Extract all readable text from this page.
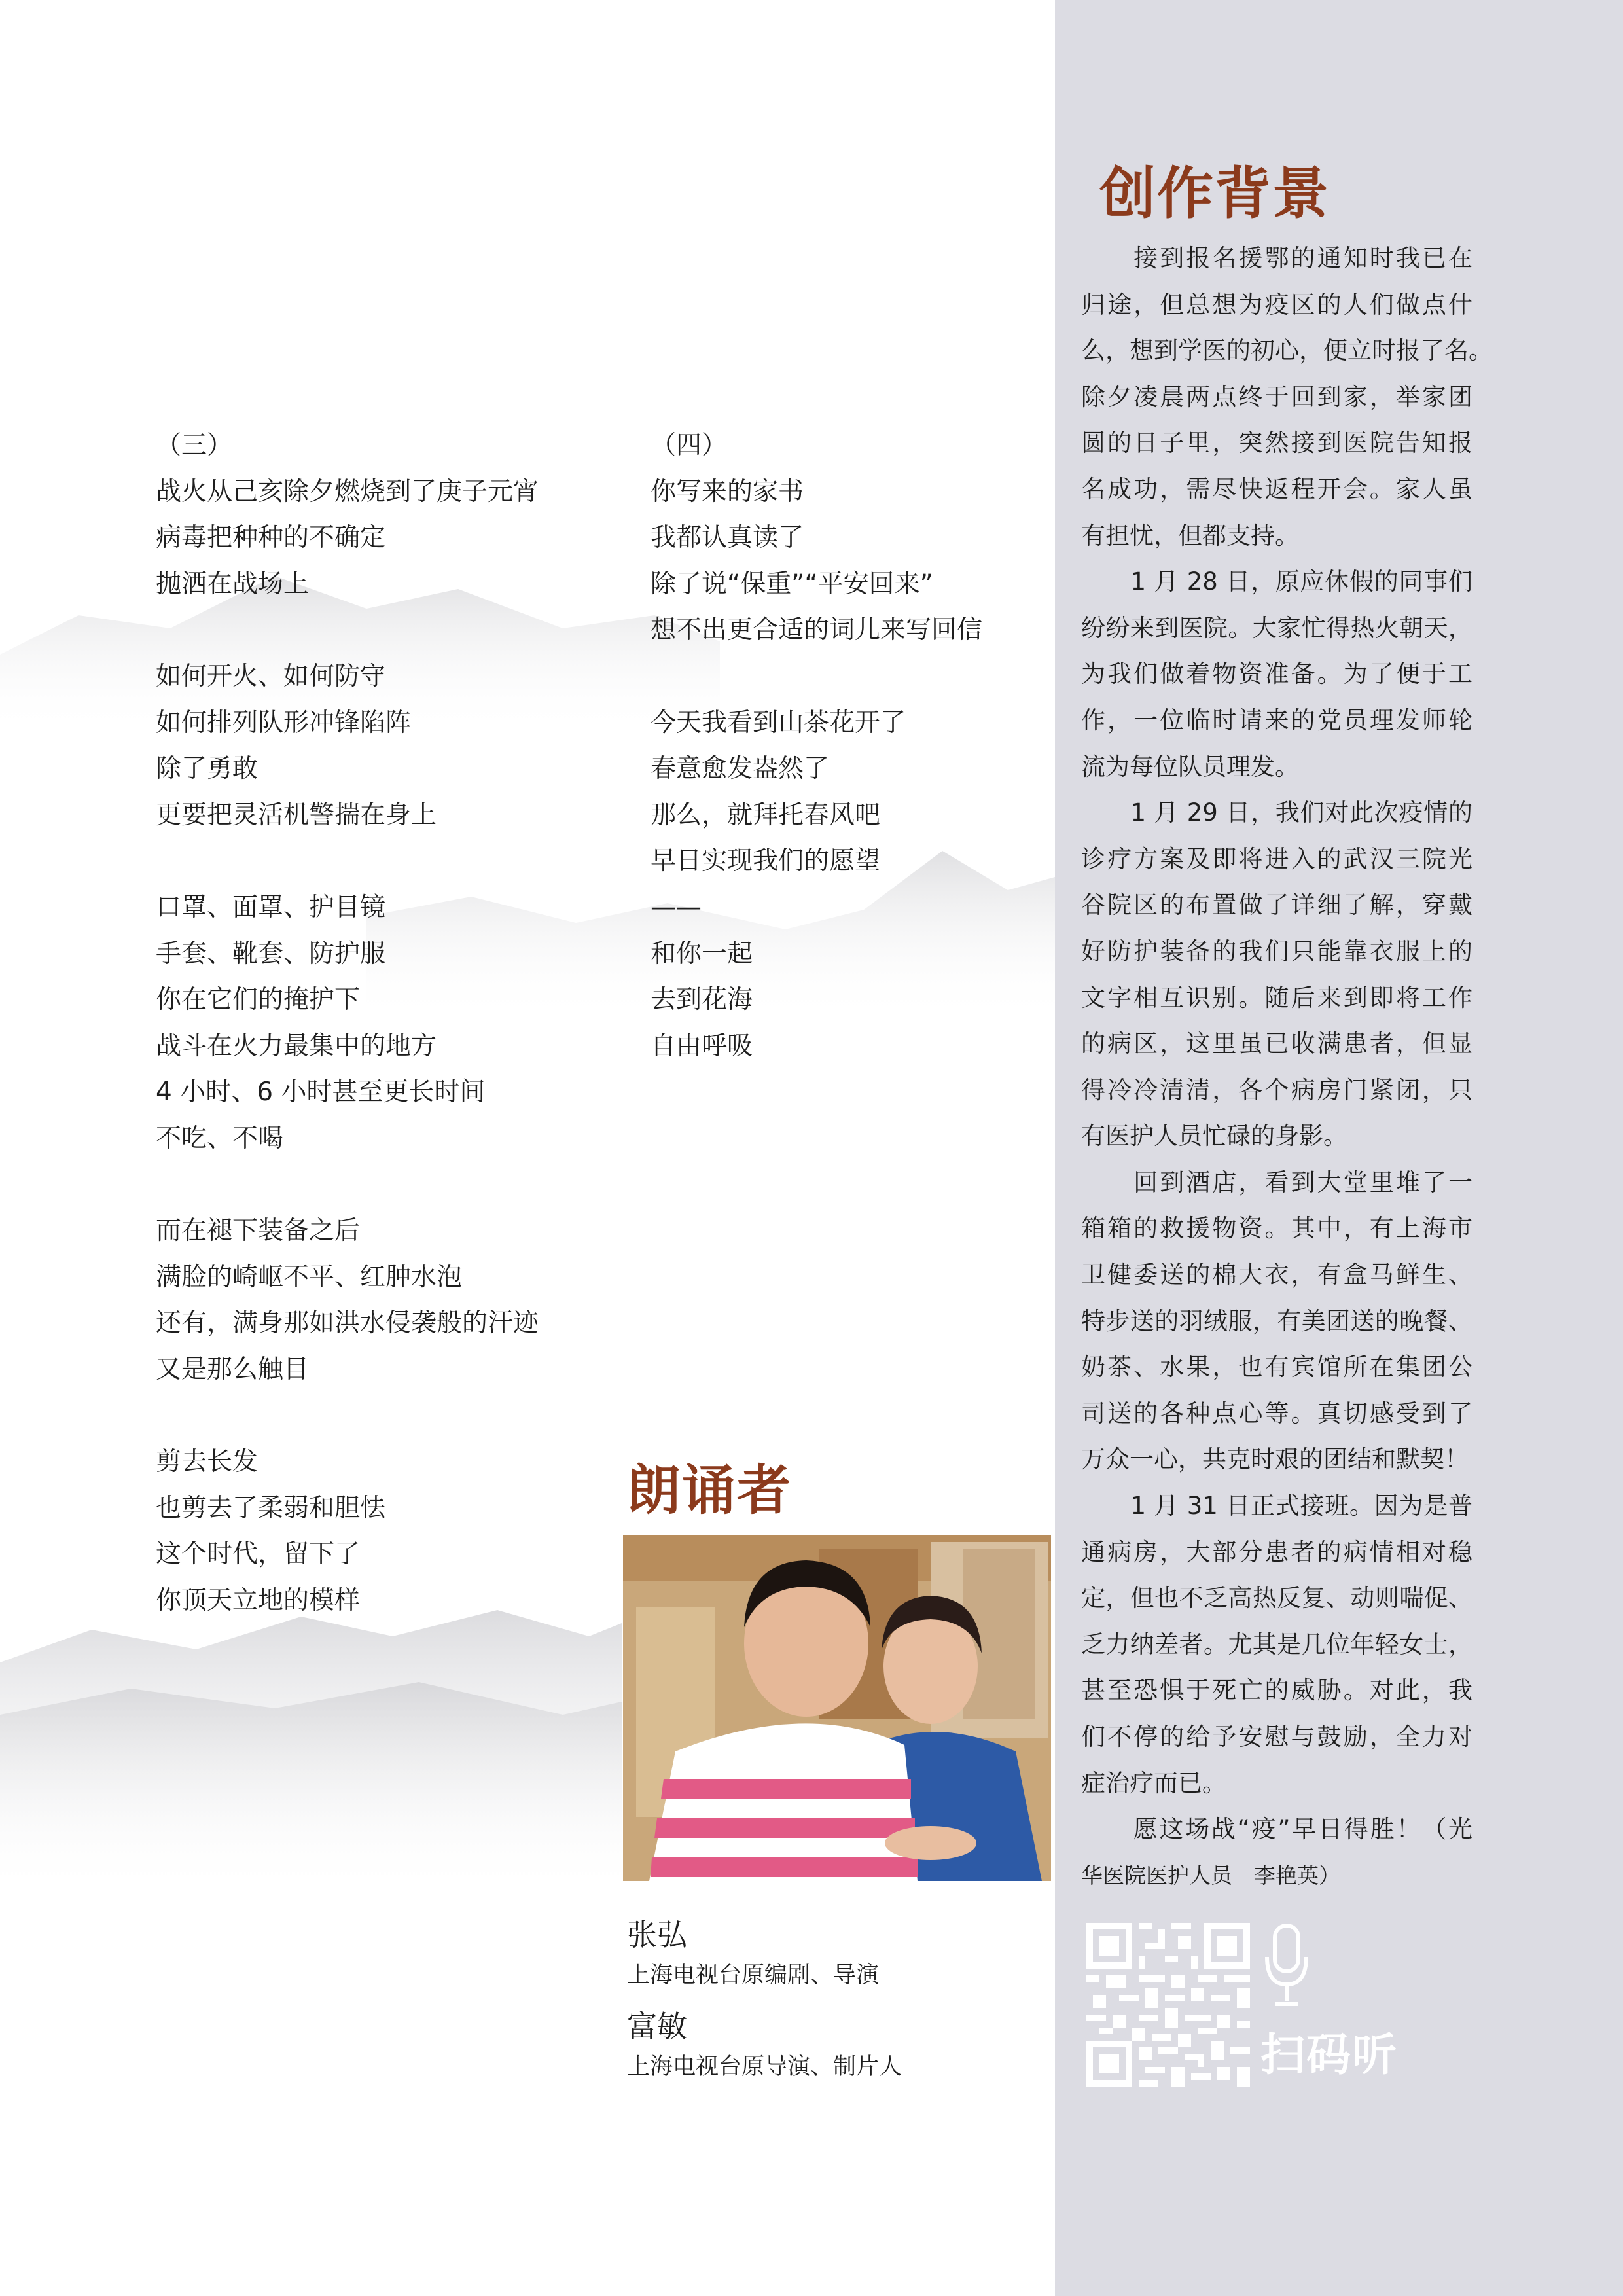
（三）
战火从己亥除夕燃烧到了庚子元宵
病毒把种种的不确定
抛洒在战场上
如何开火、如何防守
如何排列队形冲锋陷阵
除了勇敢
更要把灵活机警揣在身上
口罩、面罩、护目镜
手套、靴套、防护服
你在它们的掩护下
战斗在火力最集中的地方
4 小时、6 小时甚至更长时间
不吃、不喝
而在褪下装备之后
满脸的崎岖不平、红肿水泡
还有，满身那如洪水侵袭般的汗迹
又是那么触目
剪去长发
也剪去了柔弱和胆怯
这个时代，留下了
你顶天立地的模样
（四）
你写来的家书
我都认真读了
除了说“保重”“平安回来”
想不出更合适的词儿来写回信
今天我看到山茶花开了
春意愈发盎然了
那么，就拜托春风吧
早日实现我们的愿望
——
和你一起
去到花海
自由呼吸
朗诵者
张弘
上海电视台原编剧、导演
富敏
上海电视台原导演、制片人
创作背景
　　接到报名援鄂的通知时我已在
归途，但总想为疫区的人们做点什
么，想到学医的初心，便立时报了名。
除夕凌晨两点终于回到家，举家团
圆的日子里，突然接到医院告知报
名成功，需尽快返程开会。家人虽
有担忧，但都支持。
　　1 月 28 日，原应休假的同事们
纷纷来到医院。大家忙得热火朝天，
为我们做着物资准备。为了便于工
作，一位临时请来的党员理发师轮
流为每位队员理发。
　　1 月 29 日，我们对此次疫情的
诊疗方案及即将进入的武汉三院光
谷院区的布置做了详细了解，穿戴
好防护装备的我们只能靠衣服上的
文字相互识别。随后来到即将工作
的病区，这里虽已收满患者，但显
得冷冷清清，各个病房门紧闭，只
有医护人员忙碌的身影。
　　回到酒店，看到大堂里堆了一
箱箱的救援物资。其中，有上海市
卫健委送的棉大衣，有盒马鲜生、
特步送的羽绒服，有美团送的晚餐、
奶茶、水果，也有宾馆所在集团公
司送的各种点心等。真切感受到了
万众一心，共克时艰的团结和默契！
　　1 月 31 日正式接班。因为是普
通病房，大部分患者的病情相对稳
定，但也不乏高热反复、动则喘促、
乏力纳差者。尤其是几位年轻女士，
甚至恐惧于死亡的威胁。对此，我
们不停的给予安慰与鼓励，全力对
症治疗而已。
　　愿这场战“疫”早日得胜！（光
华医院医护人员　李艳英）
扫码听
